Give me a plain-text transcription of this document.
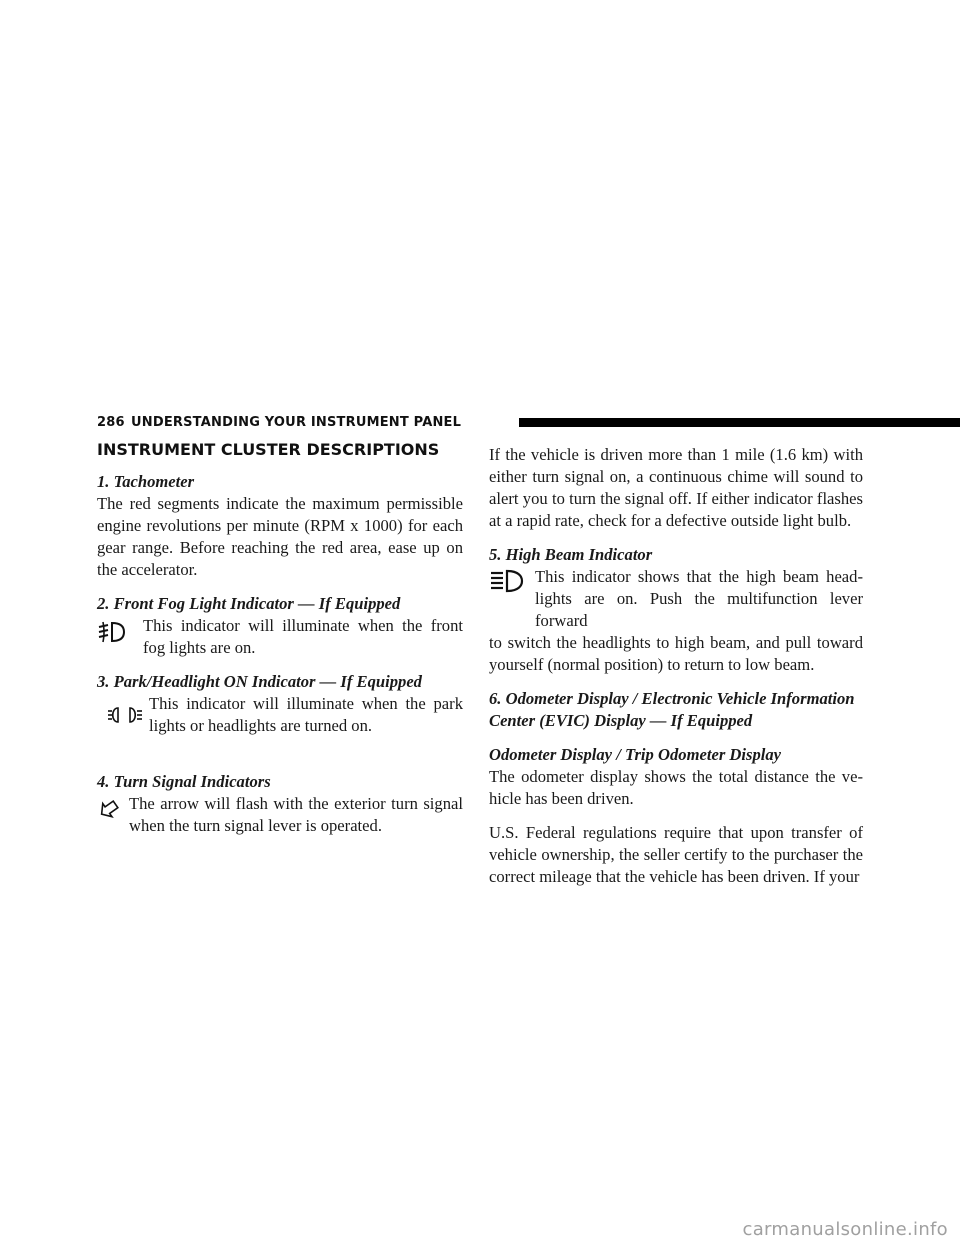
286 UNDERSTANDING YOUR INSTRUMENT PANEL
INSTRUMENT CLUSTER DESCRIPTIONS
1. Tachometer

The red segments indicate the maximum permissible engine revolutions per minute (RPM x 1000) for each gear range. Before reaching the red area, ease up on the accelerator.

2. Front Fog Light Indicator — If Equipped

This indicator will illuminate when the front fog lights are on.

3. Park/Headlight ON Indicator — If Equipped

This indicator will illuminate when the park lights or headlights are turned on.

4. Turn Signal Indicators

The arrow will flash with the exterior turn signal when the turn signal lever is operated.

If the vehicle is driven more than 1 mile (1.6 km) with either turn signal on, a continuous chime will sound to alert you to turn the signal off. If either indicator flashes at a rapid rate, check for a defective outside light bulb.

5. High Beam Indicator

This indicator shows that the high beam head-lights are on. Push the multifunction lever forward

to switch the headlights to high beam, and pull toward yourself (normal position) to return to low beam.

6. Odometer Display / Electronic Vehicle Information Center (EVIC) Display — If Equipped
Odometer Display / Trip Odometer Display

The odometer display shows the total distance the ve-hicle has been driven.

U.S. Federal regulations require that upon transfer of vehicle ownership, the seller certify to the purchaser the correct mileage that the vehicle has been driven. If your

carmanualsonline.info
